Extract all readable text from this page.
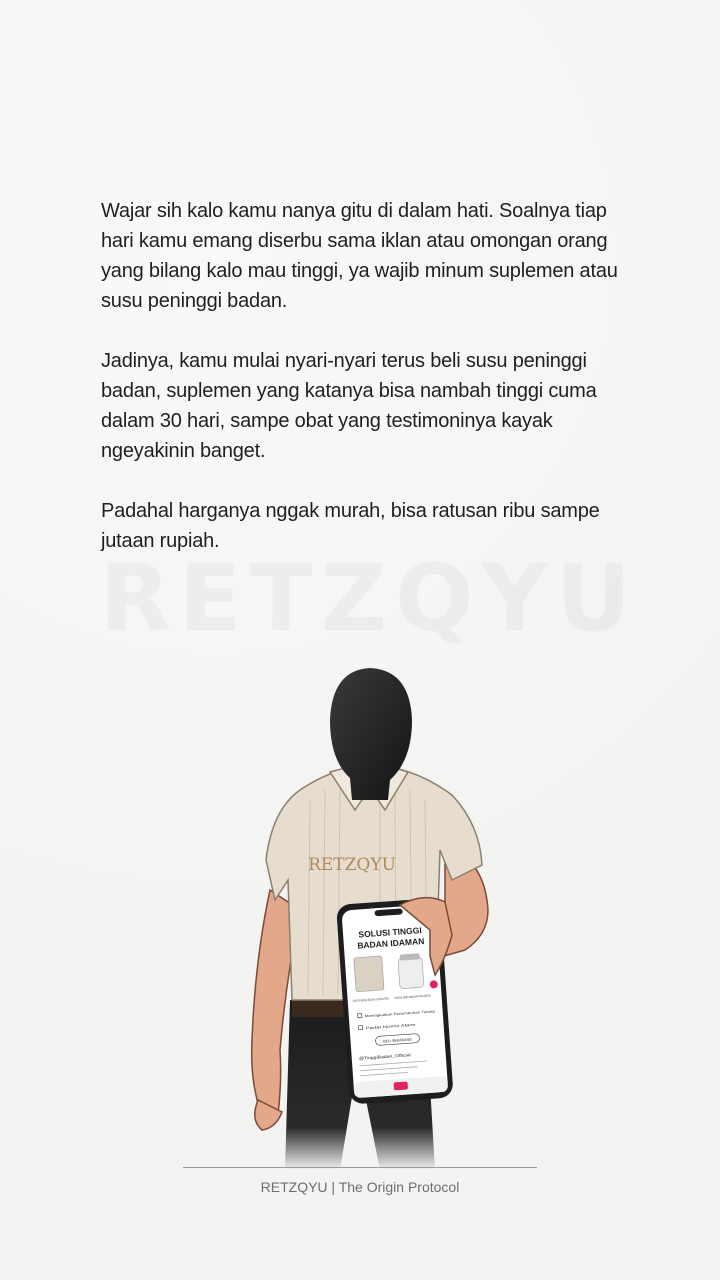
Wajar sih kalo kamu nanya gitu di dalam hati. Soalnya tiap hari kamu emang diserbu sama iklan atau omongan orang yang bilang kalo mau tinggi, ya wajib minum suplemen atau susu peninggi badan.

Jadinya, kamu mulai nyari-nyari terus beli susu peninggi badan, suplemen yang katanya bisa nambah tinggi cuma dalam 30 hari, sampe obat yang testimoninya kayak ngeyakinin banget.

Padahal harganya nggak murah, bisa ratusan ribu sampe jutaan rupiah.

RETZQYU
SOLUSI TINGGI
BADAN IDAMAN
SUSU PENINGGI BADAN ULTRA NUTRISI
KAPSUL PERTUMBUHAN PRO-GROW
Meningkatkan Pertumbuhan Tulang
Padat Nutrisi Alami
BELI SEKARANG
@TinggiBadan_Official
RETZQYU | The Origin Protocol
